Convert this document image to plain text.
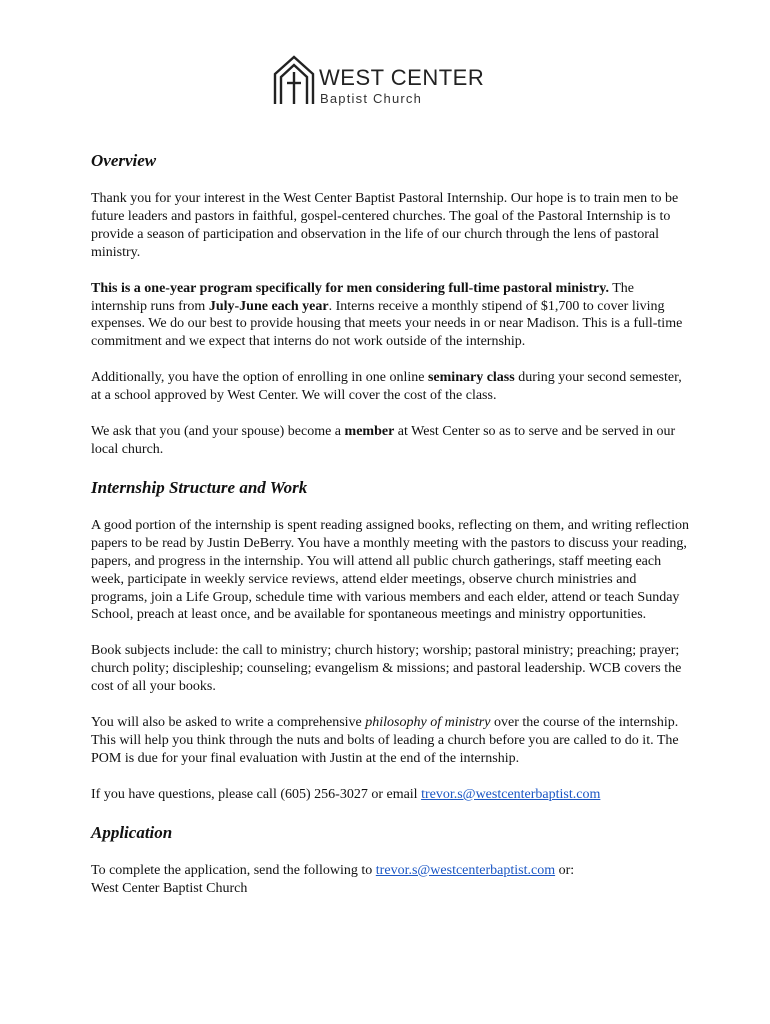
WEST CENTER
Baptist Church
Overview

Thank you for your interest in the West Center Baptist Pastoral Internship. Our hope is to train men to be future leaders and pastors in faithful, gospel-centered churches. The goal of the Pastoral Internship is to provide a season of participation and observation in the life of our church through the lens of pastoral ministry.

This is a one-year program specifically for men considering full-time pastoral ministry. The internship runs from July-June each year. Interns receive a monthly stipend of $1,700 to cover living expenses. We do our best to provide housing that meets your needs in or near Madison. This is a full-time commitment and we expect that interns do not work outside of the internship.

Additionally, you have the option of enrolling in one online seminary class during your second semester, at a school approved by West Center. We will cover the cost of the class.

We ask that you (and your spouse) become a member at West Center so as to serve and be served in our local church.

Internship Structure and Work

A good portion of the internship is spent reading assigned books, reflecting on them, and writing reflection papers to be read by Justin DeBerry. You have a monthly meeting with the pastors to discuss your reading, papers, and progress in the internship. You will attend all public church gatherings, staff meeting each week, participate in weekly service reviews, attend elder meetings, observe church ministries and programs, join a Life Group, schedule time with various members and each elder, attend or teach Sunday School, preach at least once, and be available for spontaneous meetings and ministry opportunities.

Book subjects include: the call to ministry; church history; worship; pastoral ministry; preaching; prayer; church polity; discipleship; counseling; evangelism & missions; and pastoral leadership. WCB covers the cost of all your books.

You will also be asked to write a comprehensive philosophy of ministry over the course of the internship. This will help you think through the nuts and bolts of leading a church before you are called to do it. The POM is due for your final evaluation with Justin at the end of the internship.

If you have questions, please call (605) 256-3027 or email trevor.s@westcenterbaptist.com

Application

To complete the application, send the following to trevor.s@westcenterbaptist.com or:
West Center Baptist Church
